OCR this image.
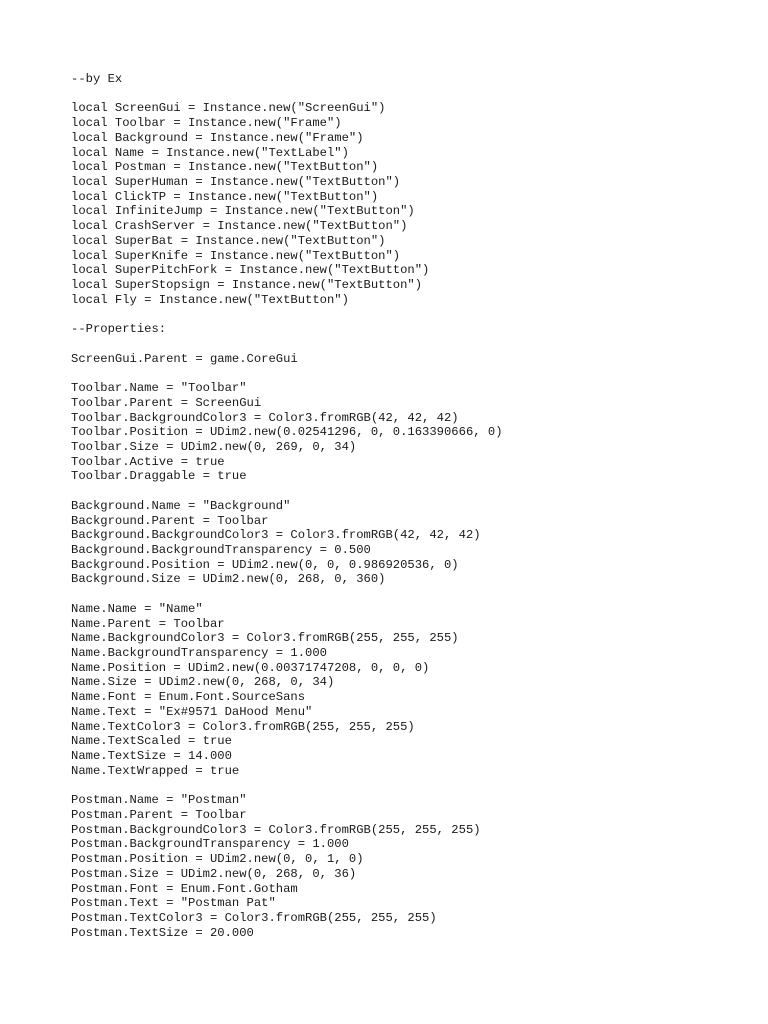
--by Ex
local ScreenGui = Instance.new("ScreenGui")
local Toolbar = Instance.new("Frame")
local Background = Instance.new("Frame")
local Name = Instance.new("TextLabel")
local Postman = Instance.new("TextButton")
local SuperHuman = Instance.new("TextButton")
local ClickTP = Instance.new("TextButton")
local InfiniteJump = Instance.new("TextButton")
local CrashServer = Instance.new("TextButton")
local SuperBat = Instance.new("TextButton")
local SuperKnife = Instance.new("TextButton")
local SuperPitchFork = Instance.new("TextButton")
local SuperStopsign = Instance.new("TextButton")
local Fly = Instance.new("TextButton")
--Properties:
ScreenGui.Parent = game.CoreGui
Toolbar.Name = "Toolbar"
Toolbar.Parent = ScreenGui
Toolbar.BackgroundColor3 = Color3.fromRGB(42, 42, 42)
Toolbar.Position = UDim2.new(0.02541296, 0, 0.163390666, 0)
Toolbar.Size = UDim2.new(0, 269, 0, 34)
Toolbar.Active = true
Toolbar.Draggable = true
Background.Name = "Background"
Background.Parent = Toolbar
Background.BackgroundColor3 = Color3.fromRGB(42, 42, 42)
Background.BackgroundTransparency = 0.500
Background.Position = UDim2.new(0, 0, 0.986920536, 0)
Background.Size = UDim2.new(0, 268, 0, 360)
Name.Name = "Name"
Name.Parent = Toolbar
Name.BackgroundColor3 = Color3.fromRGB(255, 255, 255)
Name.BackgroundTransparency = 1.000
Name.Position = UDim2.new(0.00371747208, 0, 0, 0)
Name.Size = UDim2.new(0, 268, 0, 34)
Name.Font = Enum.Font.SourceSans
Name.Text = "Ex#9571 DaHood Menu"
Name.TextColor3 = Color3.fromRGB(255, 255, 255)
Name.TextScaled = true
Name.TextSize = 14.000
Name.TextWrapped = true
Postman.Name = "Postman"
Postman.Parent = Toolbar
Postman.BackgroundColor3 = Color3.fromRGB(255, 255, 255)
Postman.BackgroundTransparency = 1.000
Postman.Position = UDim2.new(0, 0, 1, 0)
Postman.Size = UDim2.new(0, 268, 0, 36)
Postman.Font = Enum.Font.Gotham
Postman.Text = "Postman Pat"
Postman.TextColor3 = Color3.fromRGB(255, 255, 255)
Postman.TextSize = 20.000
